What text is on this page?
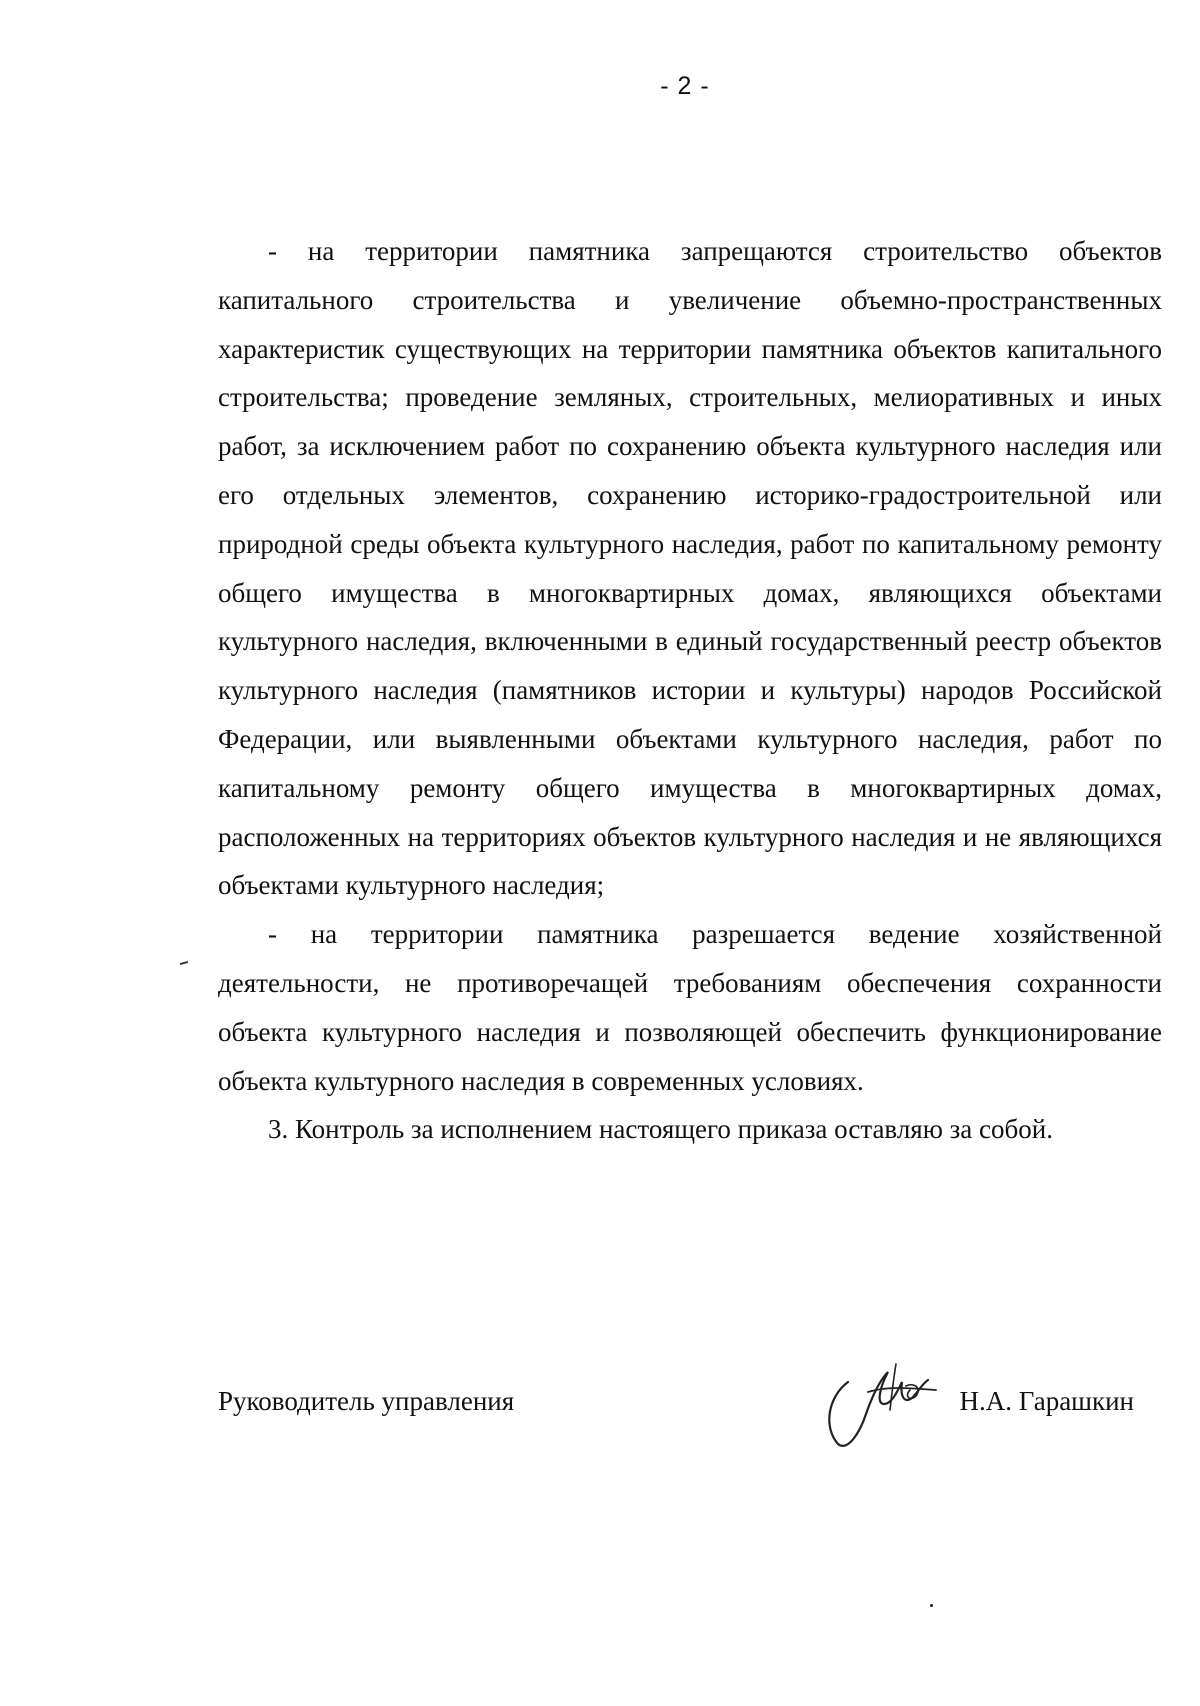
- 2 -

- на территории памятника запрещаются строительство объектов капитального строительства и увеличение объемно-пространственных характеристик существующих на территории памятника объектов капитального строительства; проведение земляных, строительных, мелиоративных и иных работ, за исключением работ по сохранению объекта культурного наследия или его отдельных элементов, сохранению историко-градостроительной или природной среды объекта культурного наследия, работ по капитальному ремонту общего имущества в многоквартирных домах, являющихся объектами культурного наследия, включенными в единый государственный реестр объектов культурного наследия (памятников истории и культуры) народов Российской Федерации, или выявленными объектами культурного наследия, работ по капитальному ремонту общего имущества в многоквартирных домах, расположенных на территориях объектов культурного наследия и не являющихся объектами культурного наследия;

- на территории памятника разрешается ведение хозяйственной деятельности, не противоречащей требованиям обеспечения сохранности объекта культурного наследия и позволяющей обеспечить функционирование объекта культурного наследия в современных условиях.

3. Контроль за исполнением настоящего приказа оставляю за собой.

Руководитель управления	Н.А. Гарашкин
